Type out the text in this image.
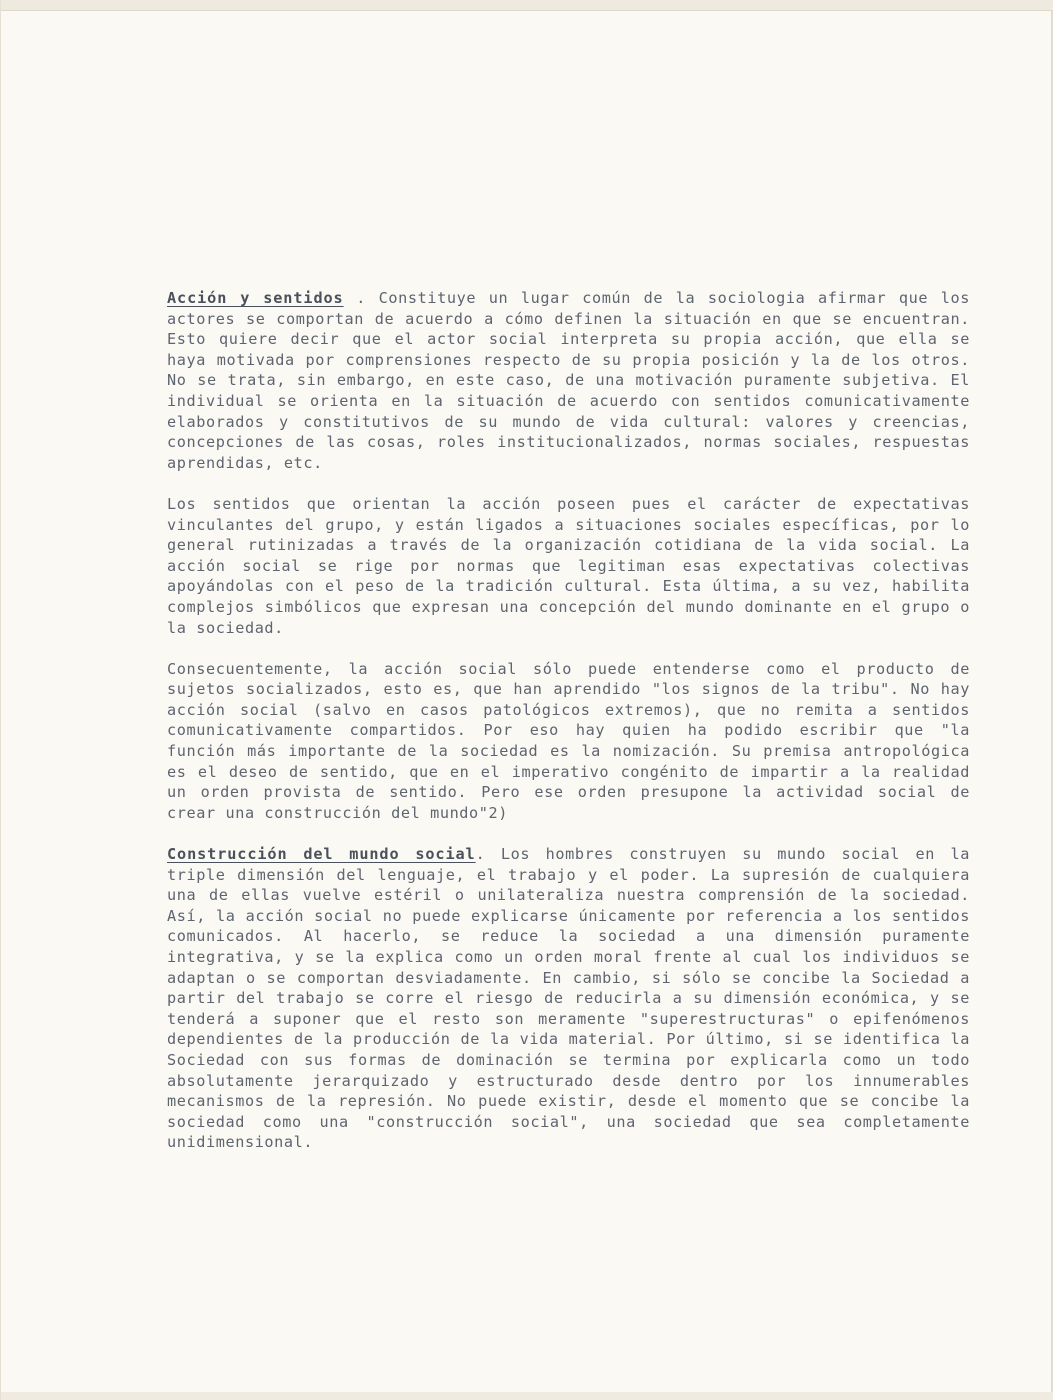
Acción y sentidos . Constituye un lugar común de la sociologia afirmar que los actores se comportan de acuerdo a cómo definen la situación en que se encuentran. Esto quiere decir que el actor social interpreta su propia acción, que ella se haya motivada por comprensiones respecto de su propia posición y la de los otros. No se trata, sin embargo, en este caso, de una motivación puramente subjetiva. El individual se orienta en la situación de acuerdo con sentidos comunicativamente elaborados y constitutivos de su mundo de vida cultural: valores y creencias, concepciones de las cosas, roles institucionalizados, normas sociales, respuestas aprendidas, etc.

Los sentidos que orientan la acción poseen pues el carácter de expectativas vinculantes del grupo, y están ligados a situaciones sociales específicas, por lo general rutinizadas a través de la organización cotidiana de la vida social. La acción social se rige por normas que legitiman esas expectativas colectivas apoyándolas con el peso de la tradición cultural. Esta última, a su vez, habilita complejos simbólicos que expresan una concepción del mundo dominante en el grupo o la sociedad.

Consecuentemente, la acción social sólo puede entenderse como el producto de sujetos socializados, esto es, que han aprendido "los signos de la tribu". No hay acción social (salvo en casos patológicos extremos), que no remita a sentidos comunicativamente compartidos. Por eso hay quien ha podido escribir que "la función más importante de la sociedad es la nomización. Su premisa antropológica es el deseo de sentido, que en el imperativo congénito de impartir a la realidad un orden provista de sentido. Pero ese orden presupone la actividad social de crear una construcción del mundo"2)

Construcción del mundo social. Los hombres construyen su mundo social en la triple dimensión del lenguaje, el trabajo y el poder. La supresión de cualquiera una de ellas vuelve estéril o unilateraliza nuestra comprensión de la sociedad. Así, la acción social no puede explicarse únicamente por referencia a los sentidos comunicados. Al hacerlo, se reduce la sociedad a una dimensión puramente integrativa, y se la explica como un orden moral frente al cual los individuos se adaptan o se comportan desviadamente. En cambio, si sólo se concibe la Sociedad a partir del trabajo se corre el riesgo de reducirla a su dimensión económica, y se tenderá a suponer que el resto son meramente "superestructuras" o epifenómenos dependientes de la producción de la vida material. Por último, si se identifica la Sociedad con sus formas de dominación se termina por explicarla como un todo absolutamente jerarquizado y estructurado desde dentro por los innumerables mecanismos de la represión. No puede existir, desde el momento que se concibe la sociedad como una "construcción social", una sociedad que sea completamente unidimensional.
